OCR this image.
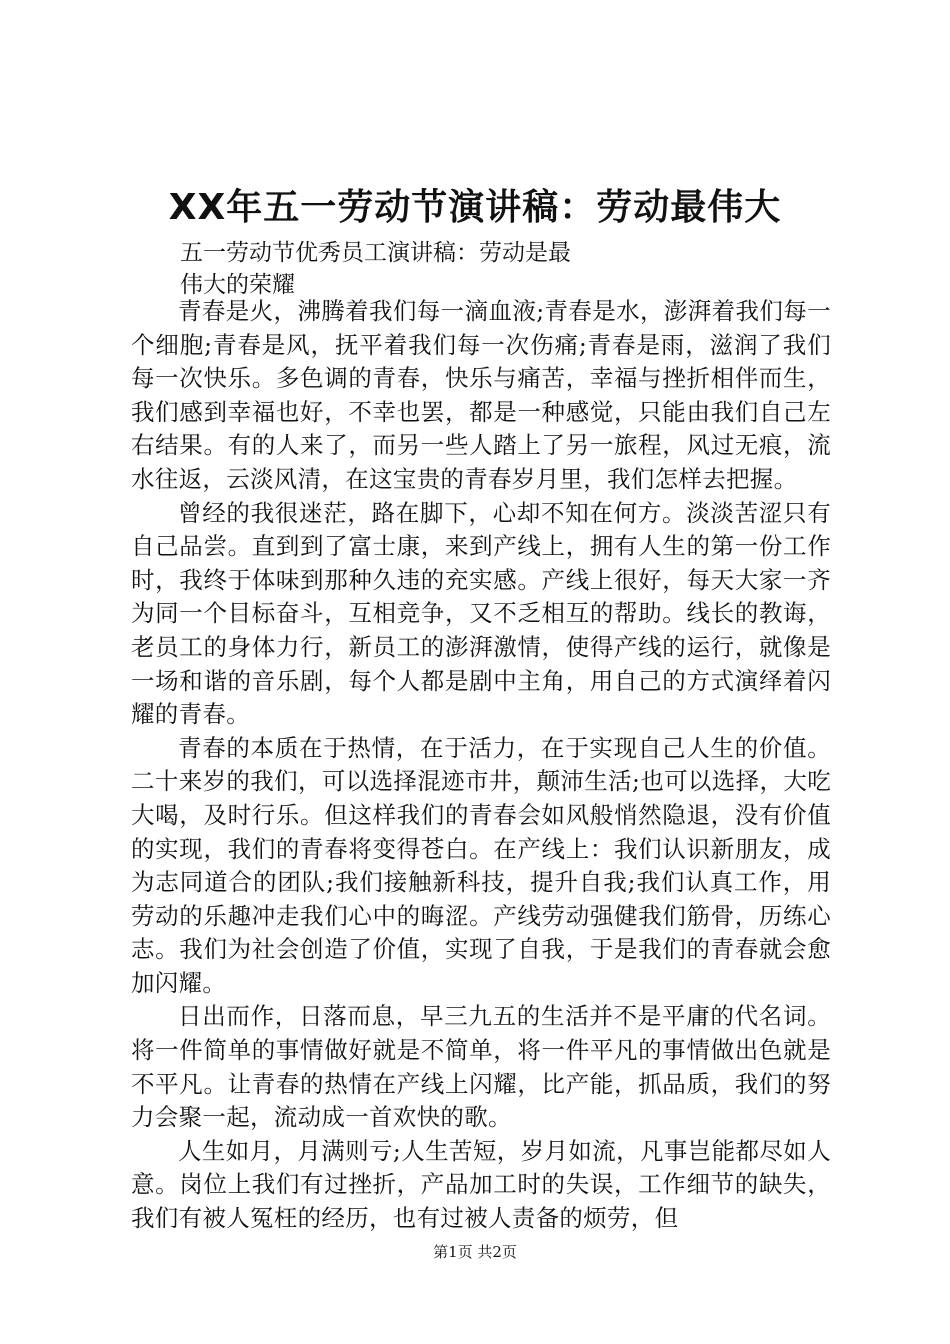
XX年五一劳动节演讲稿：劳动最伟大
五一劳动节优秀员工演讲稿：劳动是最
伟大的荣耀

青春是火，沸腾着我们每一滴血液;青春是水，澎湃着我们每一个细胞;青春是风，抚平着我们每一次伤痛;青春是雨，滋润了我们每一次快乐。多色调的青春，快乐与痛苦，幸福与挫折相伴而生，我们感到幸福也好，不幸也罢，都是一种感觉，只能由我们自己左右结果。有的人来了，而另一些人踏上了另一旅程，风过无痕，流水往返，云淡风清，在这宝贵的青春岁月里，我们怎样去把握。

曾经的我很迷茫，路在脚下，心却不知在何方。淡淡苦涩只有自己品尝。直到到了富士康，来到产线上，拥有人生的第一份工作时，我终于体味到那种久违的充实感。产线上很好，每天大家一齐为同一个目标奋斗，互相竞争，又不乏相互的帮助。线长的教诲，老员工的身体力行，新员工的澎湃激情，使得产线的运行，就像是一场和谐的音乐剧，每个人都是剧中主角，用自己的方式演绎着闪耀的青春。

青春的本质在于热情，在于活力，在于实现自己人生的价值。二十来岁的我们，可以选择混迹市井，颠沛生活;也可以选择，大吃大喝，及时行乐。但这样我们的青春会如风般悄然隐退，没有价值的实现，我们的青春将变得苍白。在产线上：我们认识新朋友，成为志同道合的团队;我们接触新科技，提升自我;我们认真工作，用劳动的乐趣冲走我们心中的晦涩。产线劳动强健我们筋骨，历练心志。我们为社会创造了价值，实现了自我，于是我们的青春就会愈加闪耀。

日出而作，日落而息，早三九五的生活并不是平庸的代名词。将一件简单的事情做好就是不简单，将一件平凡的事情做出色就是不平凡。让青春的热情在产线上闪耀，比产能，抓品质，我们的努力会聚一起，流动成一首欢快的歌。

人生如月，月满则亏;人生苦短，岁月如流，凡事岂能都尽如人意。岗位上我们有过挫折，产品加工时的失误，工作细节的缺失，我们有被人冤枉的经历，也有过被人责备的烦劳，但

第1页 共2页
